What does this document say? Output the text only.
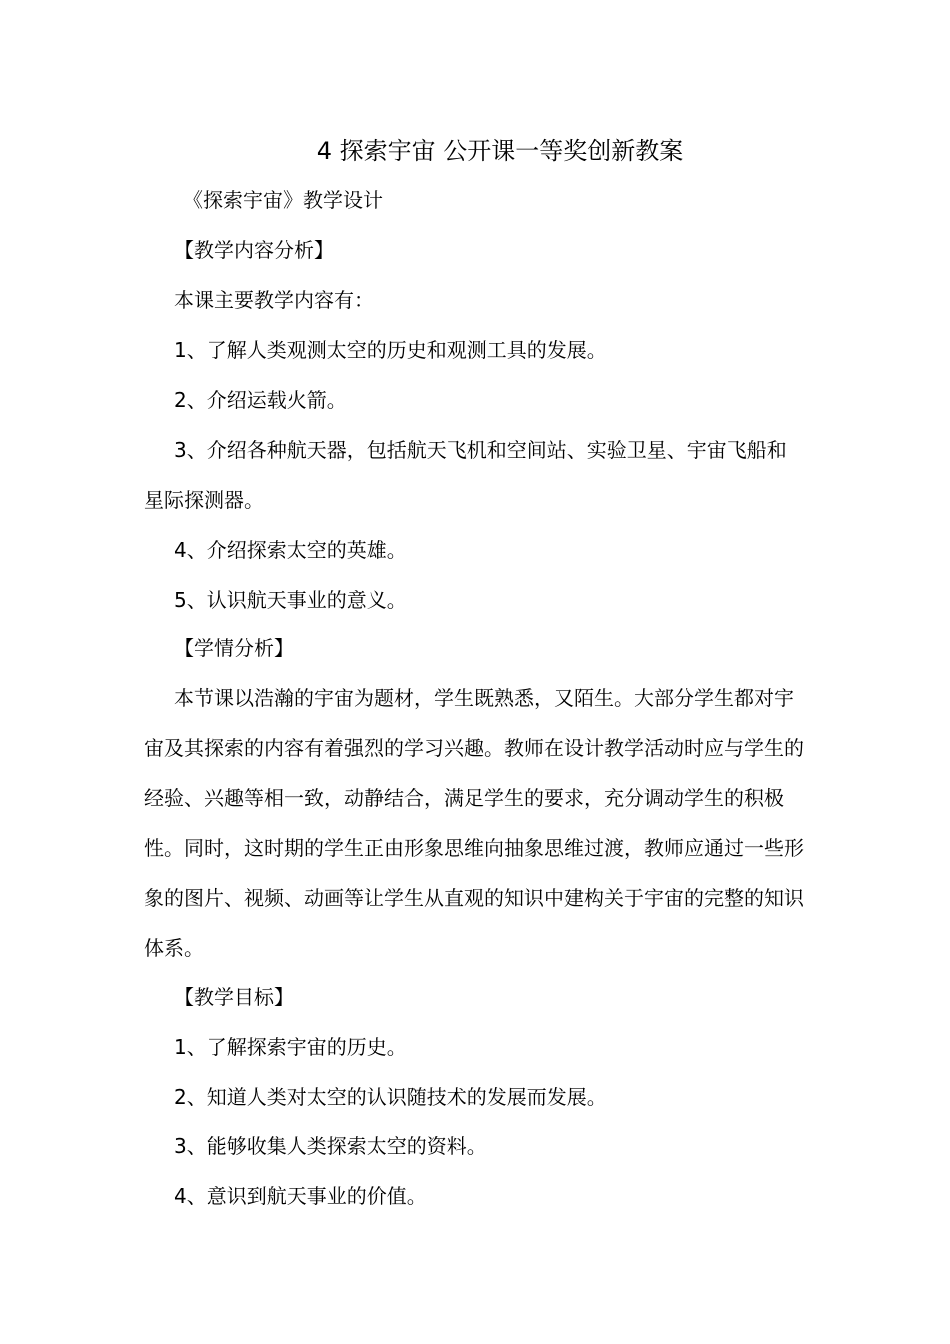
4 探索宇宙 公开课一等奖创新教案
《探索宇宙》教学设计
【教学内容分析】
本课主要教学内容有：
1、了解人类观测太空的历史和观测工具的发展。
2、介绍运载火箭。
3、介绍各种航天器，包括航天飞机和空间站、实验卫星、宇宙飞船和星际探测器。
4、介绍探索太空的英雄。
5、认识航天事业的意义。
【学情分析】
本节课以浩瀚的宇宙为题材，学生既熟悉，又陌生。大部分学生都对宇宙及其探索的内容有着强烈的学习兴趣。教师在设计教学活动时应与学生的经验、兴趣等相一致，动静结合，满足学生的要求，充分调动学生的积极性。同时，这时期的学生正由形象思维向抽象思维过渡，教师应通过一些形象的图片、视频、动画等让学生从直观的知识中建构关于宇宙的完整的知识体系。
【教学目标】
1、了解探索宇宙的历史。
2、知道人类对太空的认识随技术的发展而发展。
3、能够收集人类探索太空的资料。
4、意识到航天事业的价值。
